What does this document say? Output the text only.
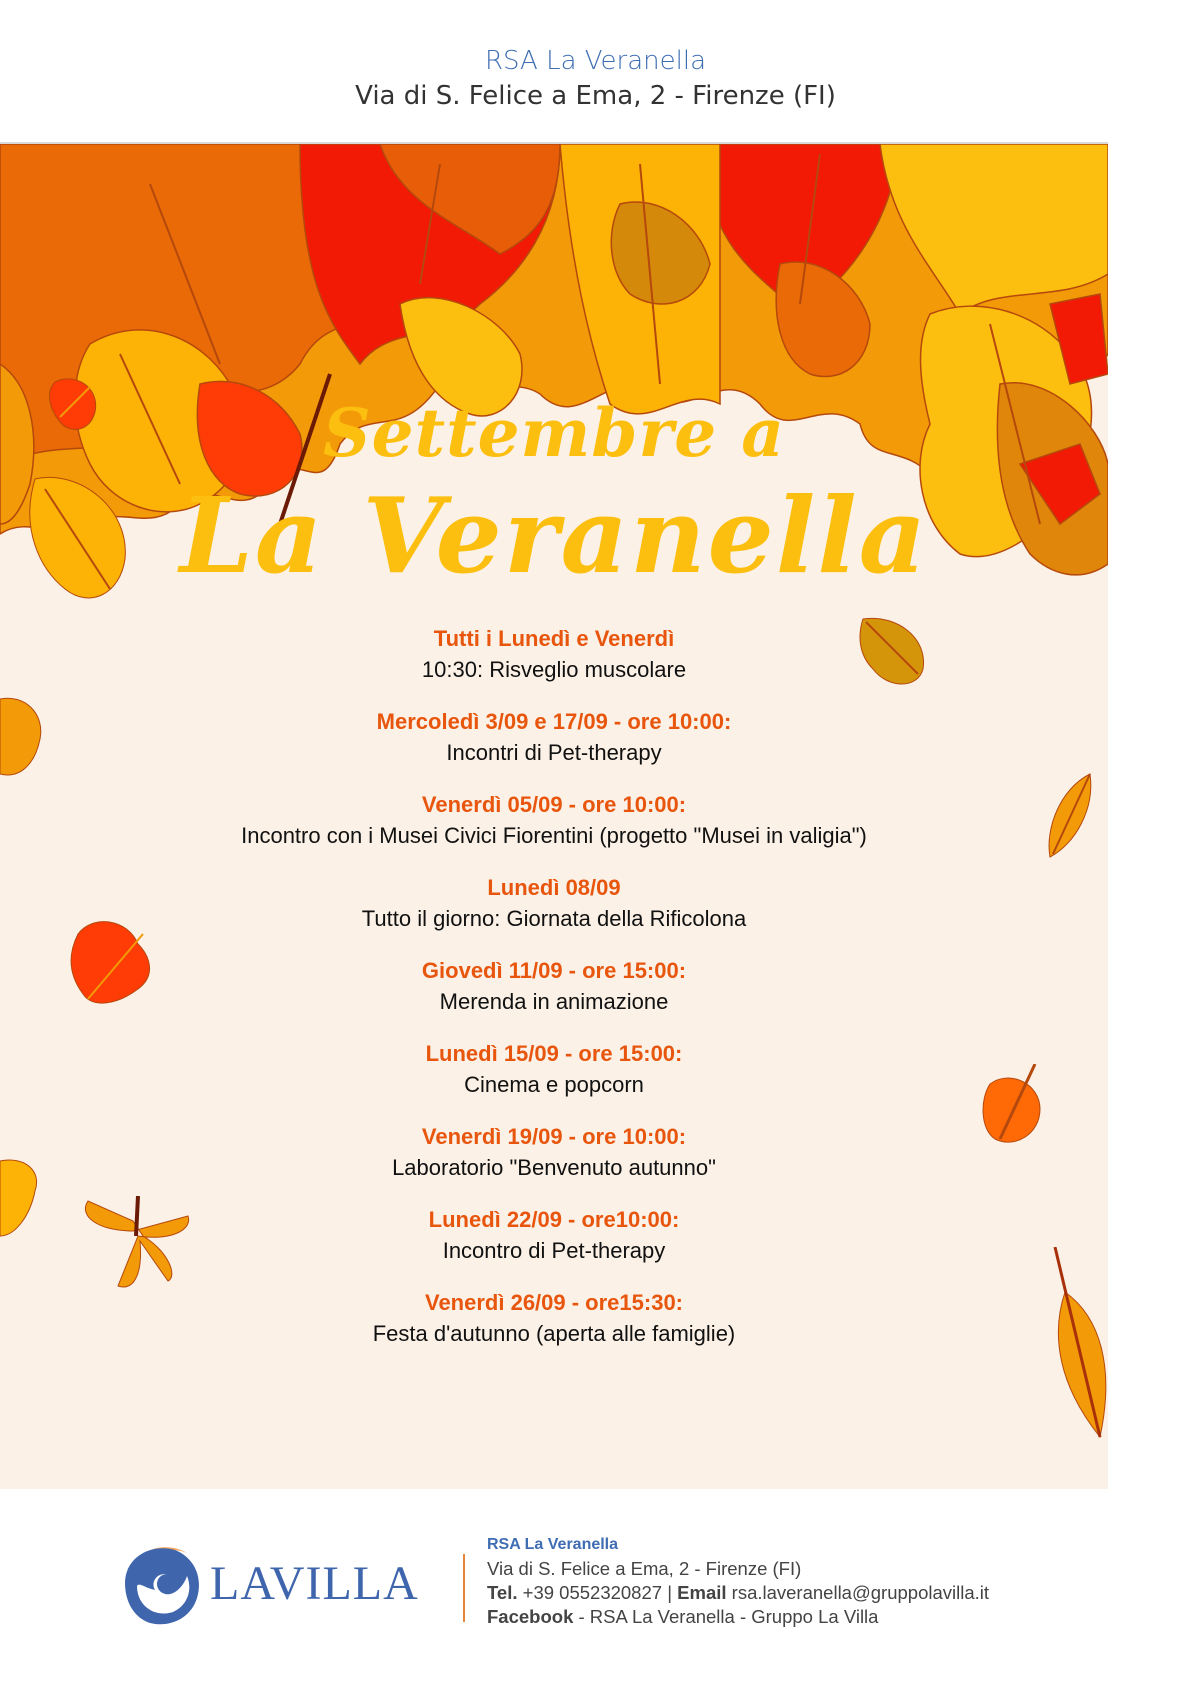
RSA La Veranella
Via di S. Felice a Ema, 2 - Firenze (FI)
Settembre a
La Veranella
Tutti i Lunedì e Venerdì
10:30: Risveglio muscolare
Mercoledì 3/09 e 17/09 - ore 10:00:
Incontri di Pet-therapy
Venerdì 05/09 - ore 10:00:
Incontro con i Musei Civici Fiorentini (progetto "Musei in valigia")
Lunedì 08/09
Tutto il giorno: Giornata della Rificolona
Giovedì 11/09 - ore 15:00:
Merenda in animazione
Lunedì 15/09 - ore 15:00:
Cinema e popcorn
Venerdì 19/09 - ore 10:00:
Laboratorio "Benvenuto autunno"
Lunedì 22/09 - ore10:00:
Incontro di Pet-therapy
Venerdì 26/09 - ore15:30:
Festa d'autunno (aperta alle famiglie)
LAVILLA
RSA La Veranella
Via di S. Felice a Ema, 2 - Firenze (FI)
Tel. +39 0552320827 | Email rsa.laveranella@gruppolavilla.it
Facebook - RSA La Veranella - Gruppo La Villa
